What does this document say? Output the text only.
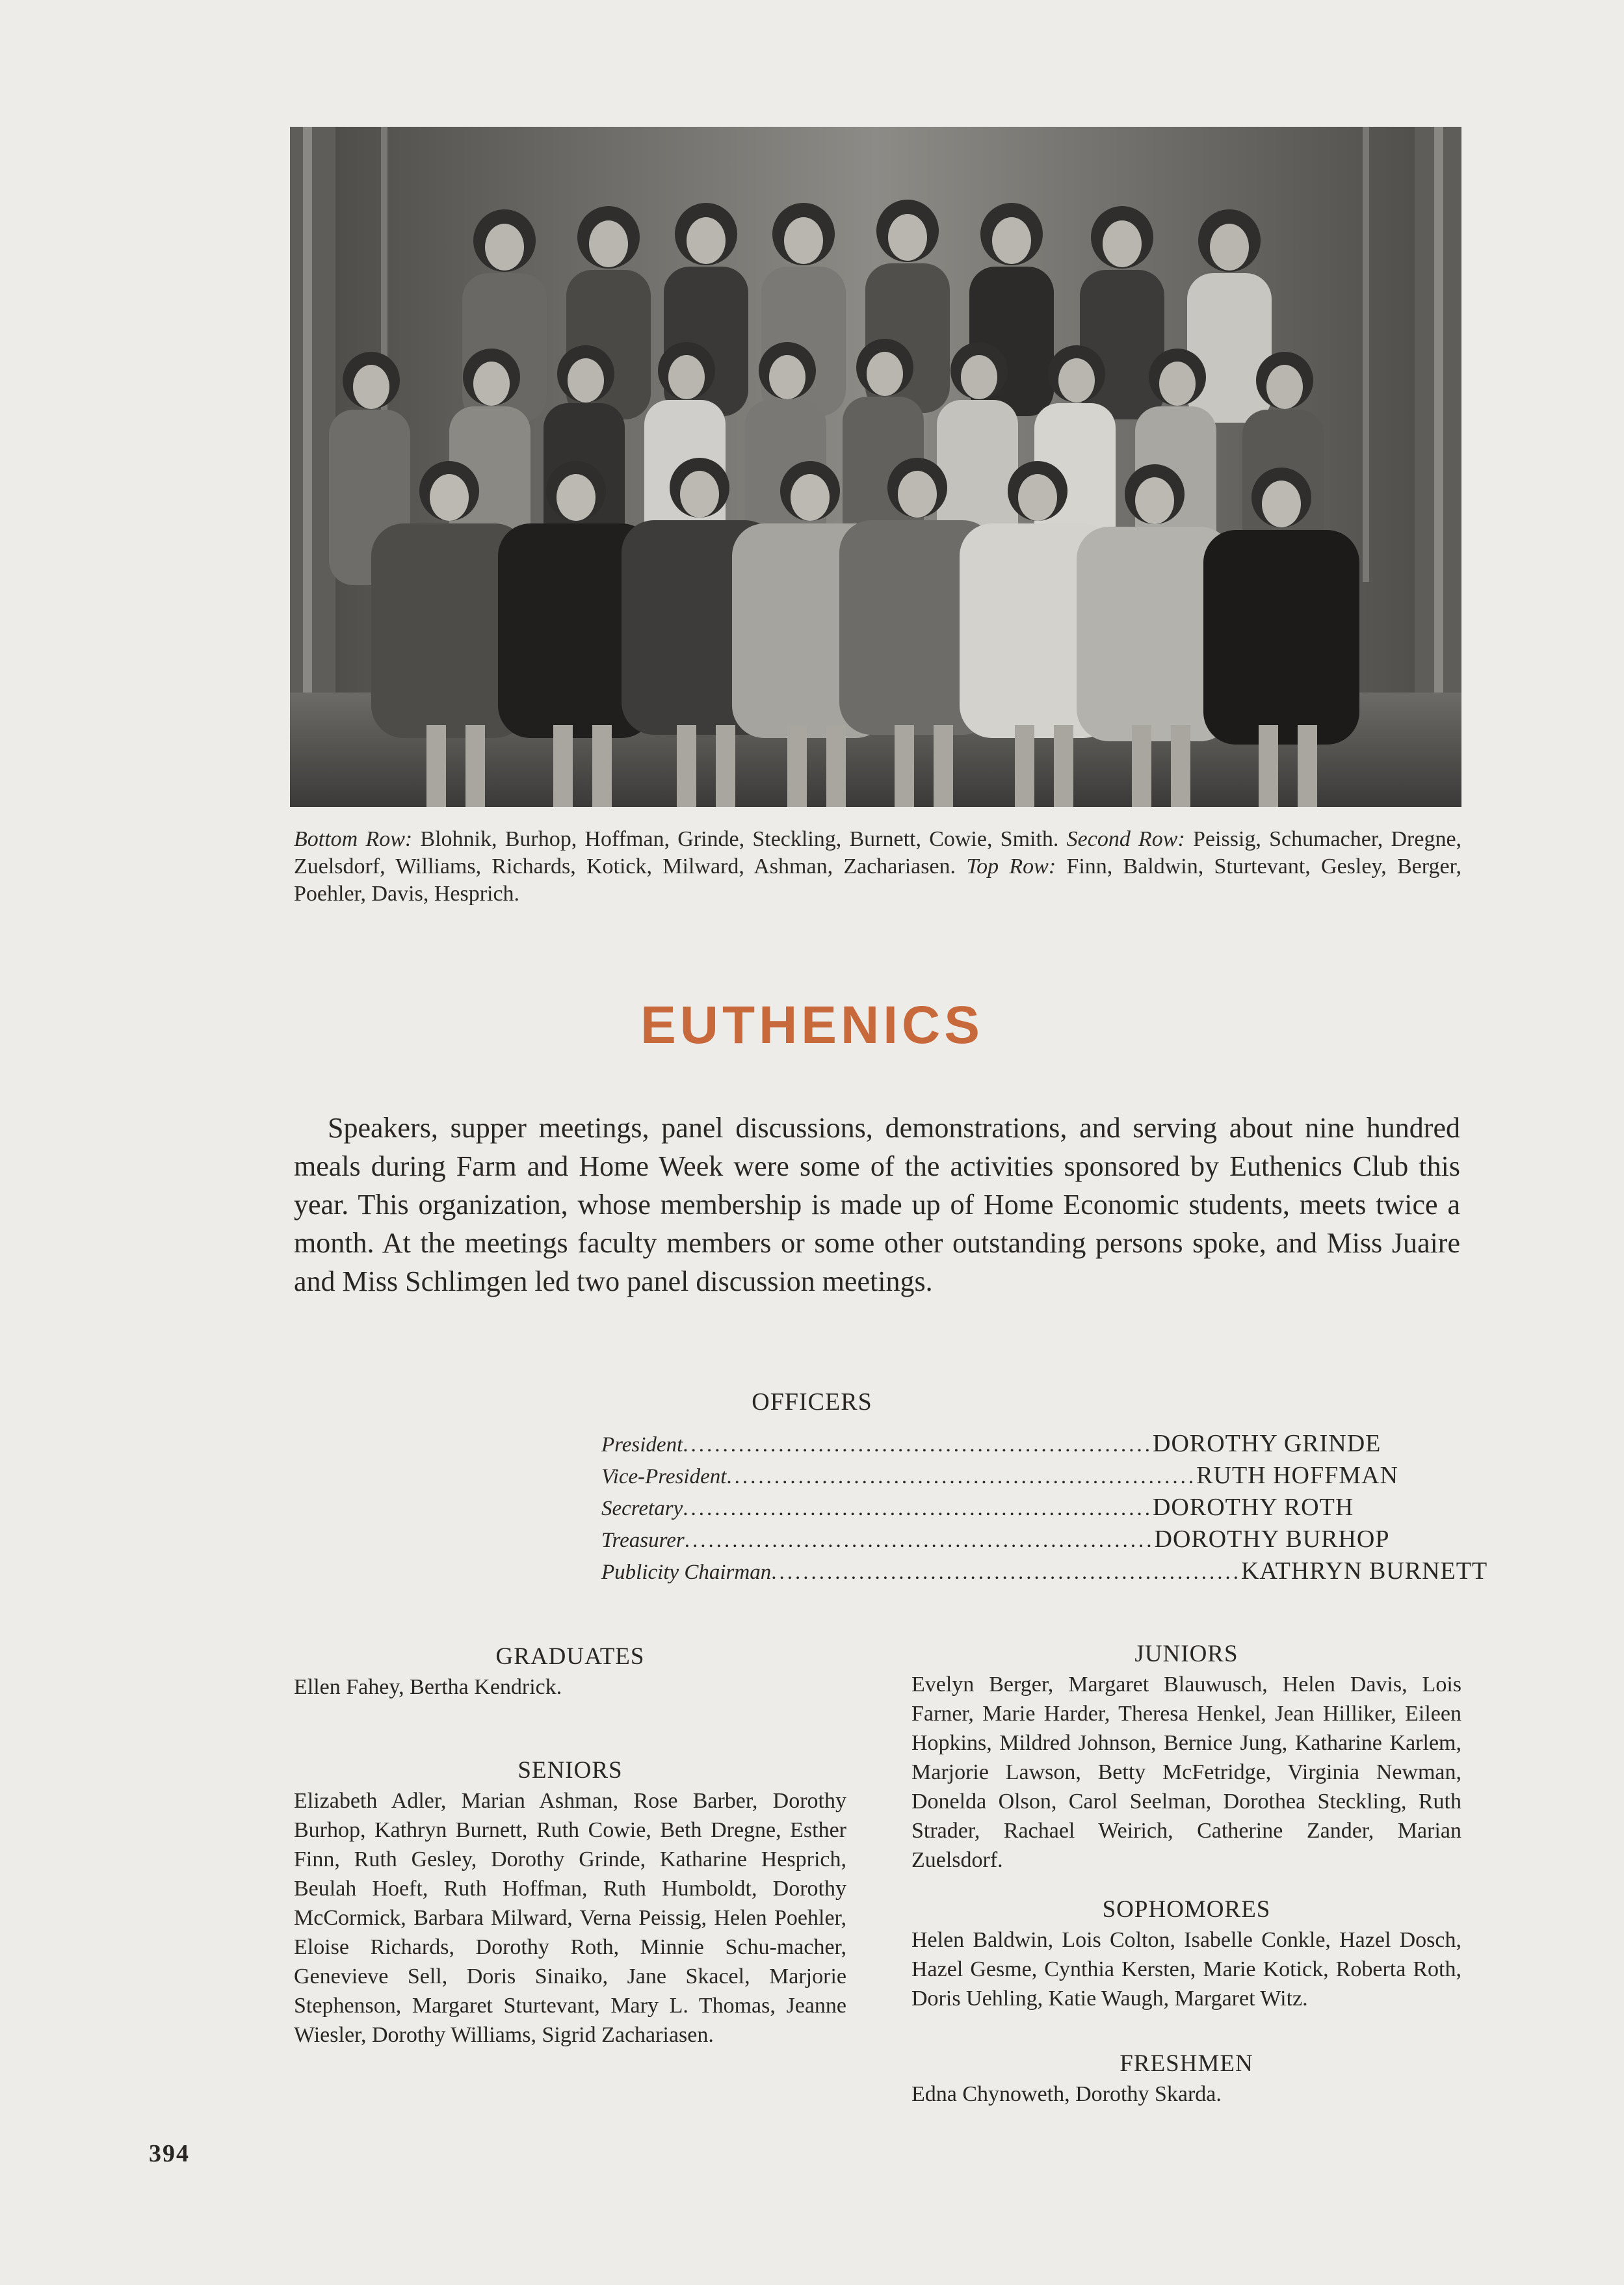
Bottom Row: Blohnik, Burhop, Hoffman, Grinde, Steckling, Burnett, Cowie, Smith. Second Row: Peissig, Schumacher, Dregne, Zuelsdorf, Williams, Richards, Kotick, Milward, Ashman, Zachariasen. Top Row: Finn, Baldwin, Sturtevant, Gesley, Berger, Poehler, Davis, Hesprich.
EUTHENICS
Speakers, supper meetings, panel discussions, demonstrations, and serving about nine hundred meals during Farm and Home Week were some of the activities sponsored by Euthenics Club this year. This organization, whose membership is made up of Home Economic students, meets twice a month. At the meetings faculty members or some other outstanding persons spoke, and Miss Juaire and Miss Schlimgen led two panel discussion meetings.
OFFICERS
President ........................................................... DOROTHY GRINDE
Vice-President ........................................................... RUTH HOFFMAN
Secretary ........................................................... DOROTHY ROTH
Treasurer ........................................................... DOROTHY BURHOP
Publicity Chairman ........................................................... KATHRYN BURNETT
GRADUATES
Ellen Fahey, Bertha Kendrick.
SENIORS
Elizabeth Adler, Marian Ashman, Rose Barber, Dorothy Burhop, Kathryn Burnett, Ruth Cowie, Beth Dregne, Esther Finn, Ruth Gesley, Dorothy Grinde, Katharine Hesprich, Beulah Hoeft, Ruth Hoffman, Ruth Humboldt, Dorothy McCormick, Barbara Milward, Verna Peissig, Helen Poehler, Eloise Richards, Dorothy Roth, Minnie Schu-macher, Genevieve Sell, Doris Sinaiko, Jane Skacel, Marjorie Stephenson, Margaret Sturtevant, Mary L. Thomas, Jeanne Wiesler, Dorothy Williams, Sigrid Zachariasen.
JUNIORS
Evelyn Berger, Margaret Blauwusch, Helen Davis, Lois Farner, Marie Harder, Theresa Henkel, Jean Hilliker, Eileen Hopkins, Mildred Johnson, Bernice Jung, Katharine Karlem, Marjorie Lawson, Betty McFetridge, Virginia Newman, Donelda Olson, Carol Seelman, Dorothea Steckling, Ruth Strader, Rachael Weirich, Catherine Zander, Marian Zuelsdorf.
SOPHOMORES
Helen Baldwin, Lois Colton, Isabelle Conkle, Hazel Dosch, Hazel Gesme, Cynthia Kersten, Marie Kotick, Roberta Roth, Doris Uehling, Katie Waugh, Margaret Witz.
FRESHMEN
Edna Chynoweth, Dorothy Skarda.
394
